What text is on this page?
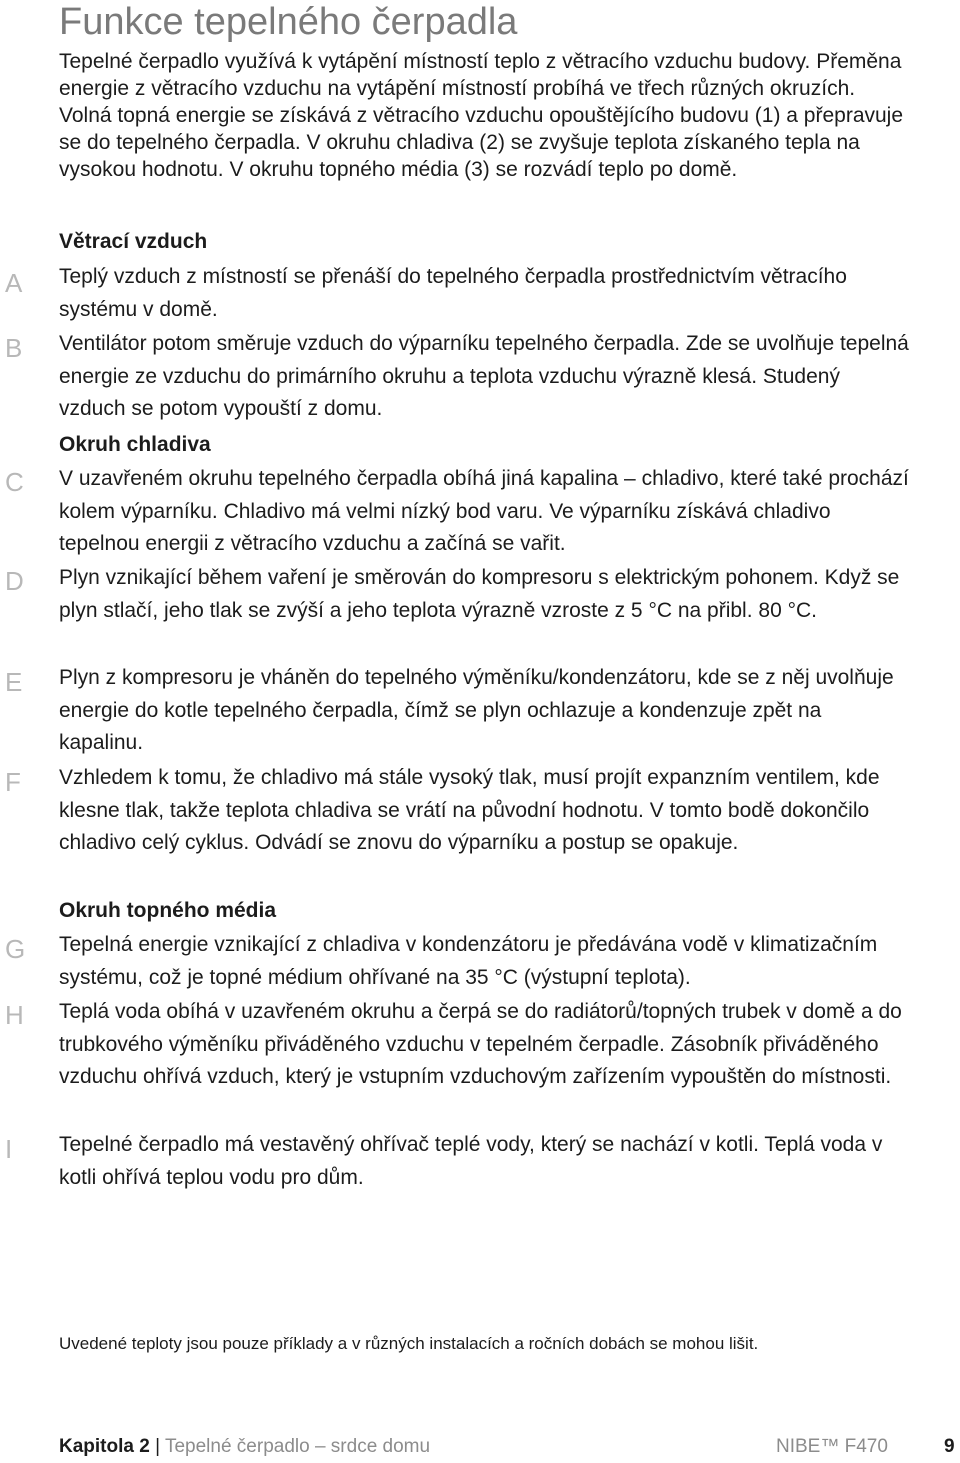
Funkce tepelného čerpadla

Tepelné čerpadlo využívá k vytápění místností teplo z větracího vzduchu budovy. Přeměna energie z větracího vzduchu na vytápění místností probíhá ve třech různých okruzích. Volná topná energie se získává z větracího vzduchu opouštějícího budovu (1) a přepravuje se do tepelného čerpadla. V okruhu chladiva (2) se zvyšuje teplota získaného tepla na vysokou hodnotu. V okruhu topného média (3) se rozvádí teplo po domě.

Větrací vzduch
A Teplý vzduch z místností se přenáší do tepelného čerpadla prostřednictvím větracího systému v domě.

B Ventilátor potom směruje vzduch do výparníku tepelného čerpadla. Zde se uvolňuje tepelná energie ze vzduchu do primárního okruhu a teplota vzduchu výrazně klesá. Studený vzduch se potom vypouští z domu.

Okruh chladiva
C V uzavřeném okruhu tepelného čerpadla obíhá jiná kapalina – chladivo, které také prochází kolem výparníku. Chladivo má velmi nízký bod varu. Ve výparníku získává chladivo tepelnou energii z větracího vzduchu a začíná se vařit.

D Plyn vznikající během vaření je směrován do kompresoru s elektrickým pohonem. Když se plyn stlačí, jeho tlak se zvýší a jeho teplota výrazně vzroste z 5 °C na přibl. 80 °C.

E Plyn z kompresoru je vháněn do tepelného výměníku/kondenzátoru, kde se z něj uvolňuje energie do kotle tepelného čerpadla, čímž se plyn ochlazuje a kondenzuje zpět na kapalinu.

F Vzhledem k tomu, že chladivo má stále vysoký tlak, musí projít expanzním ventilem, kde klesne tlak, takže teplota chladiva se vrátí na původní hodnotu. V tomto bodě dokončilo chladivo celý cyklus. Odvádí se znovu do výparníku a postup se opakuje.

Okruh topného média
G Tepelná energie vznikající z chladiva v kondenzátoru je předávána vodě v klimatizačním systému, což je topné médium ohřívané na 35 °C (výstupní teplota).

H Teplá voda obíhá v uzavřeném okruhu a čerpá se do radiátorů/topných trubek v domě a do trubkového výměníku přiváděného vzduchu v tepelném čerpadle. Zásobník přiváděného vzduchu ohřívá vzduch, který je vstupním vzduchovým zařízením vypouštěn do místnosti.

I Tepelné čerpadlo má vestavěný ohřívač teplé vody, který se nachází v kotli. Teplá voda v kotli ohřívá teplou vodu pro dům.

Uvedené teploty jsou pouze příklady a v různých instalacích a ročních dobách se mohou lišit.

Kapitola 2 | Tepelné čerpadlo – srdce domu	NIBE™ F470	9
